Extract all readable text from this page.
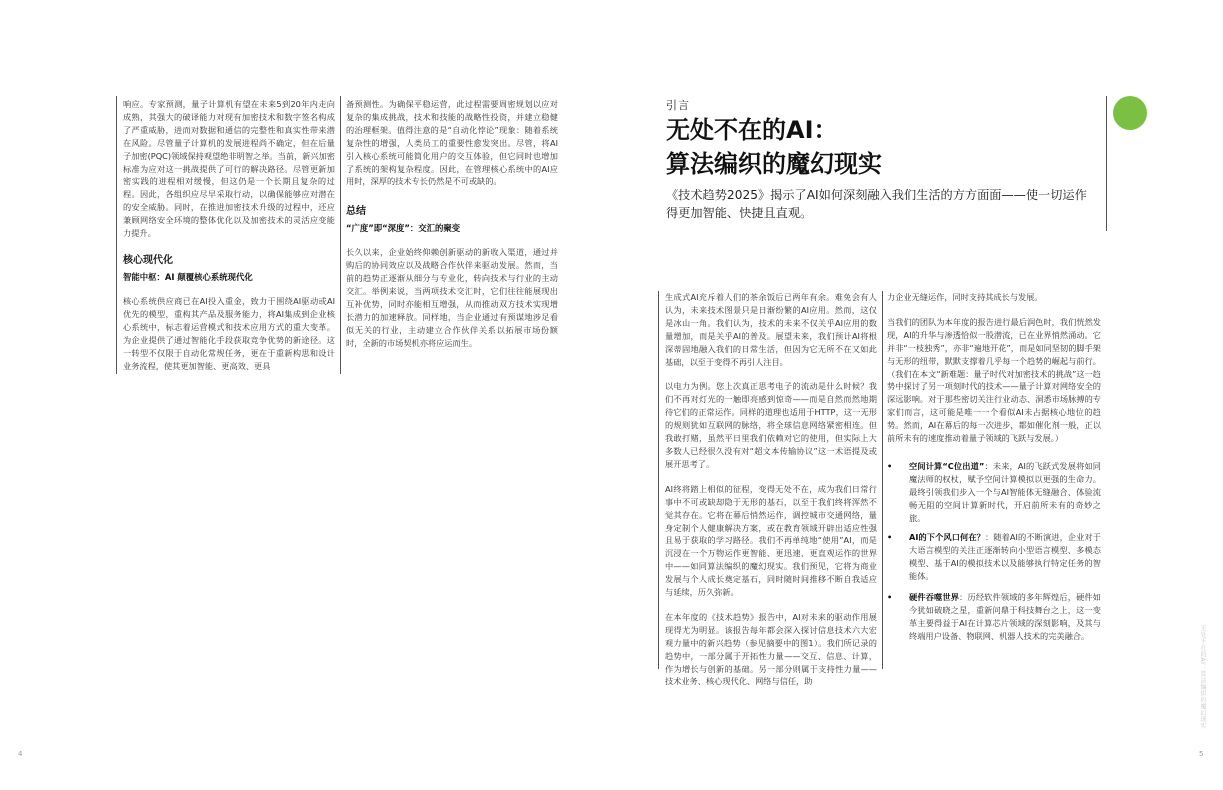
响应。专家预测，量子计算机有望在未来5到20年内走向成熟，其强大的破译能力对现有加密技术和数字签名构成了严重威胁，进而对数据和通信的完整性和真实性带来潜在风险。尽管量子计算机的发展进程尚不确定，但在后量子加密(PQC)领域保持观望绝非明智之举。当前，新兴加密标准为应对这一挑战提供了可行的解决路径。尽管更新加密实践的进程相对缓慢，但这仍是一个长期且复杂的过程。因此，各组织应尽早采取行动，以确保能够应对潜在的安全威胁。同时，在推进加密技术升级的过程中，还应兼顾网络安全环境的整体优化以及加密技术的灵活应变能力提升。

核心现代化
智能中枢：AI 颠覆核心系统现代化

核心系统供应商已在AI投入重金，致力于围绕AI驱动或AI优先的模型，重构其产品及服务能力，将AI集成到企业核心系统中，标志着运营模式和技术应用方式的重大变革。为企业提供了通过智能化手段获取竞争优势的新途径。这一转型不仅限于自动化常规任务，更在于重新构思和设计业务流程，使其更加智能、更高效、更具

备预测性。为确保平稳运营，此过程需要周密规划以应对复杂的集成挑战，技术和技能的战略性投资，并建立稳健的治理框架。值得注意的是“自动化悖论”现象：随着系统复杂性的增强，人类员工的重要性愈发突出。尽管，将AI引入核心系统可能简化用户的交互体验，但它同时也增加了系统的架构复杂程度。因此，在管理核心系统中的AI应用时，深厚的技术专长仍然是不可或缺的。

总结
“广度”即“深度”：交汇的聚变

长久以来，企业始终仰赖创新驱动的新收入渠道，通过并购后的协同效应以及战略合作伙伴来驱动发展。然而，当前的趋势正逐渐从细分与专业化，转向技术与行业的主动交汇。举例来说，当两项技术交汇时，它们往往能展现出互补优势，同时亦能相互增强，从而推动双方技术实现增长潜力的加速释放。同样地，当企业通过有预谋地涉足看似无关的行业，主动建立合作伙伴关系以拓展市场份额时，全新的市场契机亦将应运而生。

4
引言

无处不在的AI：

算法编织的魔幻现实

《技术趋势2025》揭示了AI如何深刻融入我们生活的方方面面——使一切运作得更加智能、快捷且直观。

生成式AI充斥着人们的茶余饭后已两年有余。难免会有人认为，未来技术图景只是日渐纷繁的AI应用。然而，这仅是冰山一角。我们认为，技术的未来不仅关乎AI应用的数量增加，而是关乎AI的普及。展望未来，我们预计AI将根深蒂固地融入我们的日常生活，但因为它无所不在又如此基础，以至于变得不再引人注目。

以电力为例。您上次真正思考电子的流动是什么时候？我们不再对灯光的一触即亮感到惊奇——而是自然而然地期待它们的正常运作。同样的道理也适用于HTTP，这一无形的规则犹如互联网的脉络，将全球信息网络紧密相连。但我敢打赌，虽然平日里我们依赖对它的使用，但实际上大多数人已经很久没有对“超文本传输协议”这一术语提及或展开思考了。

AI终将踏上相似的征程，变得无处不在，成为我们日常行事中不可或缺却隐于无形的基石，以至于我们终将浑然不觉其存在。它将在幕后悄然运作，调控城市交通网络，量身定制个人健康解决方案，或在教育领域开辟出适应性强且易于获取的学习路径。我们不再单纯地“使用”AI，而是沉浸在一个万物运作更智能、更迅速、更直观运作的世界中——如同算法编织的魔幻现实。我们预见，它将为商业发展与个人成长奠定基石，同时随时间推移不断自我适应与延续，历久弥新。

在本年度的《技术趋势》报告中，AI对未来的驱动作用展现得尤为明显。该报告每年都会深入探讨信息技术六大宏观力量中的新兴趋势（参见摘要中的图1）。我们所记录的趋势中，一部分属于开拓性力量——交互、信息、计算，作为增长与创新的基础。另一部分则属于支持性力量——技术业务、核心现代化、网络与信任，助

力企业无缝运作，同时支持其成长与发展。

当我们的团队为本年度的报告进行最后润色时，我们恍然发现，AI的升华与渗透恰似一股潜流，已在业界悄然涌动。它并非“一枝独秀”，亦非“遍地开花”，而是如同坚韧的脚手架与无形的纽带，默默支撑着几乎每一个趋势的崛起与前行。（我们在本文“新难题：量子时代对加密技术的挑战”这一趋势中探讨了另一项刻时代的技术——量子计算对网络安全的深远影响。对于那些密切关注行业动态、洞悉市场脉搏的专家们而言，这可能是唯一一个看似AI未占据核心地位的趋势。然而，AI在幕后的每一次进步，都如催化剂一般，正以前所未有的速度推动着量子领域的飞跃与发展。）

• 空间计算“C位出道”：未来，AI的飞跃式发展将如同魔法师的权杖，赋予空间计算模拟以更强的生命力。最终引领我们步入一个与AI智能体无缝融合、体验流畅无阻的空间计算新时代，开启前所未有的奇妙之旅。
• AI的下个风口何在？：随着AI的不断演进，企业对于大语言模型的关注正逐渐转向小型语言模型、多模态模型、基于AI的模拟技术以及能够执行特定任务的智能体。
• 硬件吞噬世界：历经软件领域的多年辉煌后，硬件如今犹如破晓之星，重新问鼎于科技舞台之上，这一变革主要得益于AI在计算芯片领域的深刻影响，及其与终端用户设备、物联网、机器人技术的完美融合。	无处不在的AI：算法编织的魔幻现实
5
